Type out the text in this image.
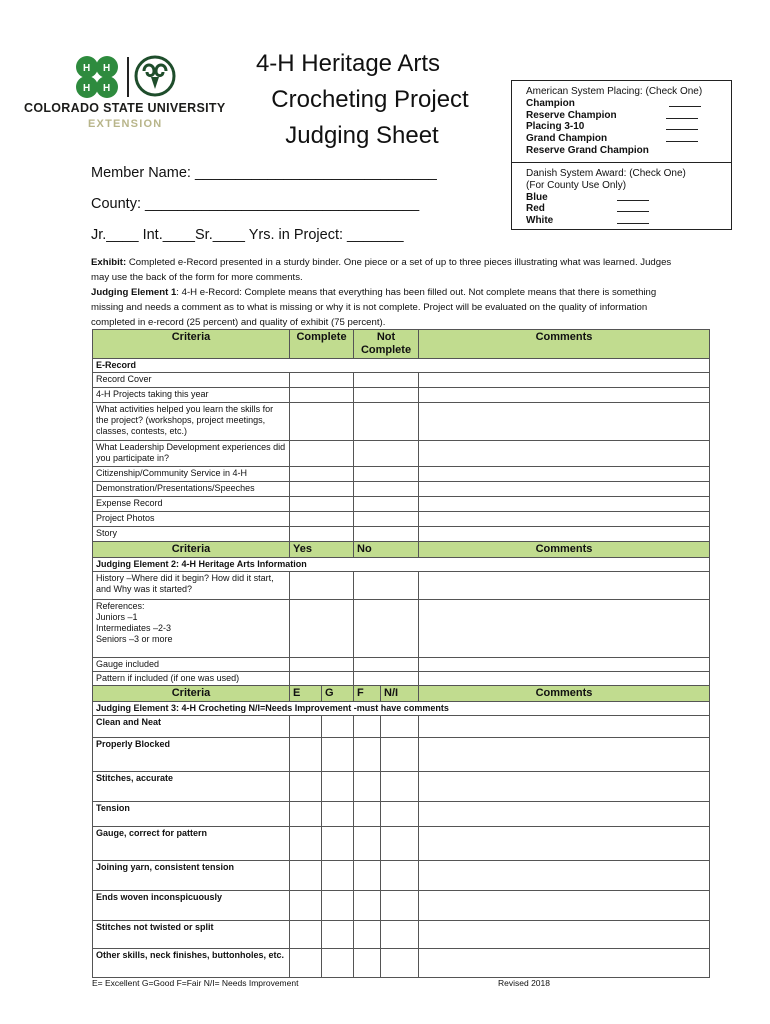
H H
H H
COLORADO STATE UNIVERSITY
EXTENSION
4-H Heritage Arts
Crocheting Project
Judging Sheet
American System Placing: (Check One)
Champion
Reserve Champion
Placing 3-10
Grand Champion
Reserve Grand Champion
Danish System Award: (Check One)
(For County Use Only)
Blue
Red
White
Member Name: ______________________________
County: __________________________________
Jr.____ Int.____Sr.____ Yrs. in Project: _______
Exhibit: Completed e-Record presented in a sturdy binder. One piece or a set of up to three pieces illustrating what was learned. Judges may use the back of the form for more comments.
Judging Element 1: 4-H e-Record: Complete means that everything has been filled out. Not complete means that there is something missing and needs a comment as to what is missing or why it is not complete. Project will be evaluated on the quality of information completed in e-record (25 percent) and quality of exhibit (75 percent).
Criteria	Complete		Not Complete		Comments
E-Record					
Record Cover					
4-H Projects taking this year					
What activities helped you learn the skills for the project? (workshops, project meetings, classes, contests, etc.)					
What Leadership Development experiences did you participate in?					
Citizenship/Community Service in 4-H					
Demonstration/Presentations/Speeches					
Expense Record					
Project Photos					
Story					
Criteria	Yes		No		Comments
Judging Element 2: 4-H Heritage Arts Information					
History –Where did it begin? How did it start, and Why was it started?					
References:
Juniors –1
Intermediates –2-3
Seniors –3 or more					
Gauge included					
Pattern if included (if one was used)					
Criteria	E	G	F	N/I	Comments
Judging Element 3: 4-H Crocheting N/I=Needs Improvement -must have comments					
Clean and Neat					
Properly Blocked					
Stitches, accurate					
Tension					
Gauge, correct for pattern					
Joining yarn, consistent tension					
Ends woven inconspicuously					
Stitches not twisted or split					
Other skills, neck finishes, buttonholes, etc.					
E= Excellent G=Good F=Fair N/I= Needs Improvement	Revised 2018
